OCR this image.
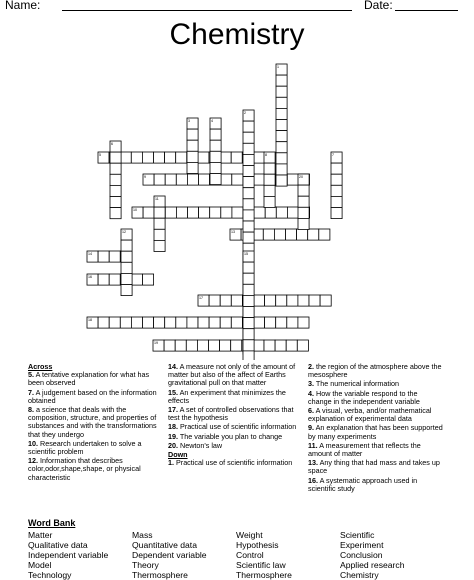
Name:	Date:
Chemistry
1
2
3	4
5
6
7
8
9
10
11
12	13
14	15
16
17
18
19
20
Across
5. A tentative explanation for what has been observed
7. A judgement based on the information obtained
8. a science that deals with the composition, structure, and properties of substances and with the transformations that they undergo
10. Research undertaken to solve a scientific problem
12. Information that describes color,odor,shape,shape, or physical characteristic
14. A measure not only of the amount of matter but also of the affect of Earths gravitational pull on that matter
15. An experiment that minimizes the effects
17. A set of controlled observations that test the hypothesis
18. Practical use of scientific information
19. The variable you plan to change
20. Newton's law
Down
1. Practical use of scientific information
2. the region of the atmosphere above the mesosphere
3. The numerical information
4. How the variable respond to the change in the independent variable
6. A visual, verba, and/or mathematical explanation of experimental data
9. An explanation that has been supported by many experiments
11. A measurement that reflects the amount of matter
13. Any thing that had mass and takes up space
16. A systematic approach used in scientific study
Word Bank
Matter	Mass	Weight	Scientific
Qualitative data	Quantitative data	Hypothesis	Experiment
Independent variable	Dependent variable	Control	Conclusion
Model	Theory	Scientific law	Applied research
Technology	Thermosphere	Thermosphere	Chemistry
